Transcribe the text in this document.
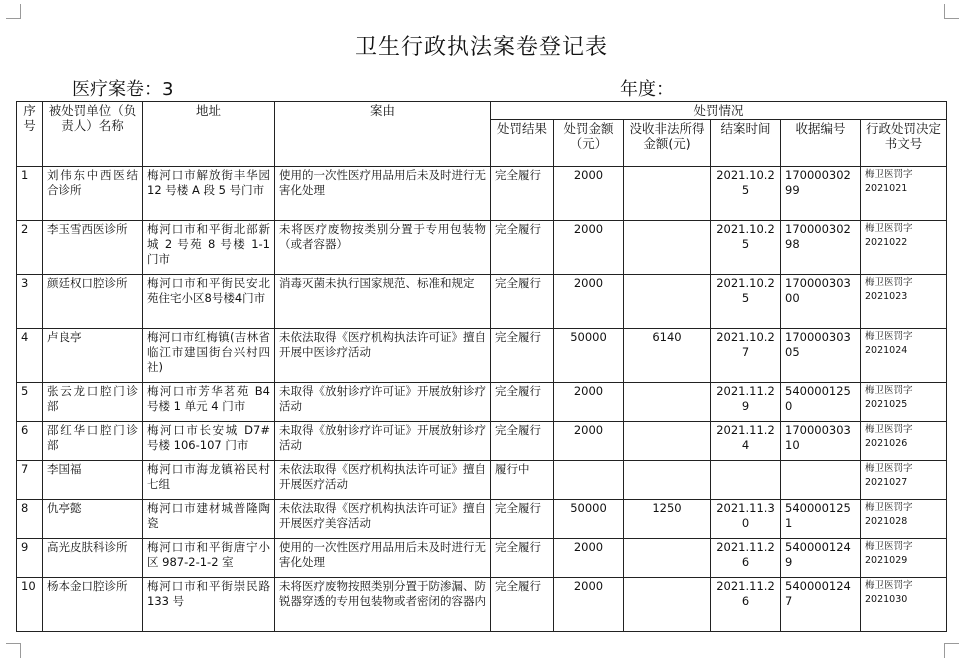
卫生行政执法案卷登记表
医疗案卷：3	年度：
序号	被处罚单位（负责人）名称	地址	案由	处罚情况					
				处罚结果	处罚金额（元）	没收非法所得金额(元)	结案时间	收据编号	行政处罚决定书文号
1	刘伟东中西医结合诊所	梅河口市解放街丰华园 12 号楼 A 段 5 号门市	使用的一次性医疗用品用后未及时进行无害化处理	完全履行	2000		2021.10.25	17000030299	梅卫医罚字
2021021

2	李玉雪西医诊所	梅河口市和平街北部新城 2 号苑 8 号楼 1-1 门市	未将医疗废物按类别分置于专用包装物（或者容器）	完全履行	2000		2021.10.25	17000030298	梅卫医罚字
2021022

3	颜廷权口腔诊所	梅河口市和平街民安北苑住宅小区8号楼4门市	消毒灭菌未执行国家规范、标准和规定	完全履行	2000		2021.10.25	17000030300	梅卫医罚字
2021023

4	卢良亭	梅河口市红梅镇(吉林省临江市建国街台兴村四社)	未依法取得《医疗机构执法许可证》擅自开展中医诊疗活动	完全履行	50000	6140	2021.10.27	17000030305	梅卫医罚字
2021024

5	张云龙口腔门诊部	梅河口市芳华茗苑 B4 号楼 1 单元 4 门市	未取得《放射诊疗许可证》开展放射诊疗活动	完全履行	2000		2021.11.29	5400001250	梅卫医罚字
2021025

6	邵红华口腔门诊部	梅河口市长安城 D7# 号楼 106-107 门市	未取得《放射诊疗许可证》开展放射诊疗活动	完全履行	2000		2021.11.24	17000030310	梅卫医罚字
2021026

7	李国福	梅河口市海龙镇裕民村七组	未依法取得《医疗机构执法许可证》擅自开展医疗活动	履行中					梅卫医罚字
2021027

8	仇亭懿	梅河口市建材城普隆陶瓷	未依法取得《医疗机构执法许可证》擅自开展医疗美容活动	完全履行	50000	1250	2021.11.30	5400001251	梅卫医罚字
2021028

9	高光皮肤科诊所	梅河口市和平街唐宁小区 987-2-1-2 室	使用的一次性医疗用品用后未及时进行无害化处理	完全履行	2000		2021.11.26	5400001249	梅卫医罚字
2021029

10	杨本金口腔诊所	梅河口市和平街崇民路 133 号	未将医疗废物按照类别分置于防渗漏、防锐器穿透的专用包装物或者密闭的容器内	完全履行	2000		2021.11.26	5400001247	梅卫医罚字
2021030
